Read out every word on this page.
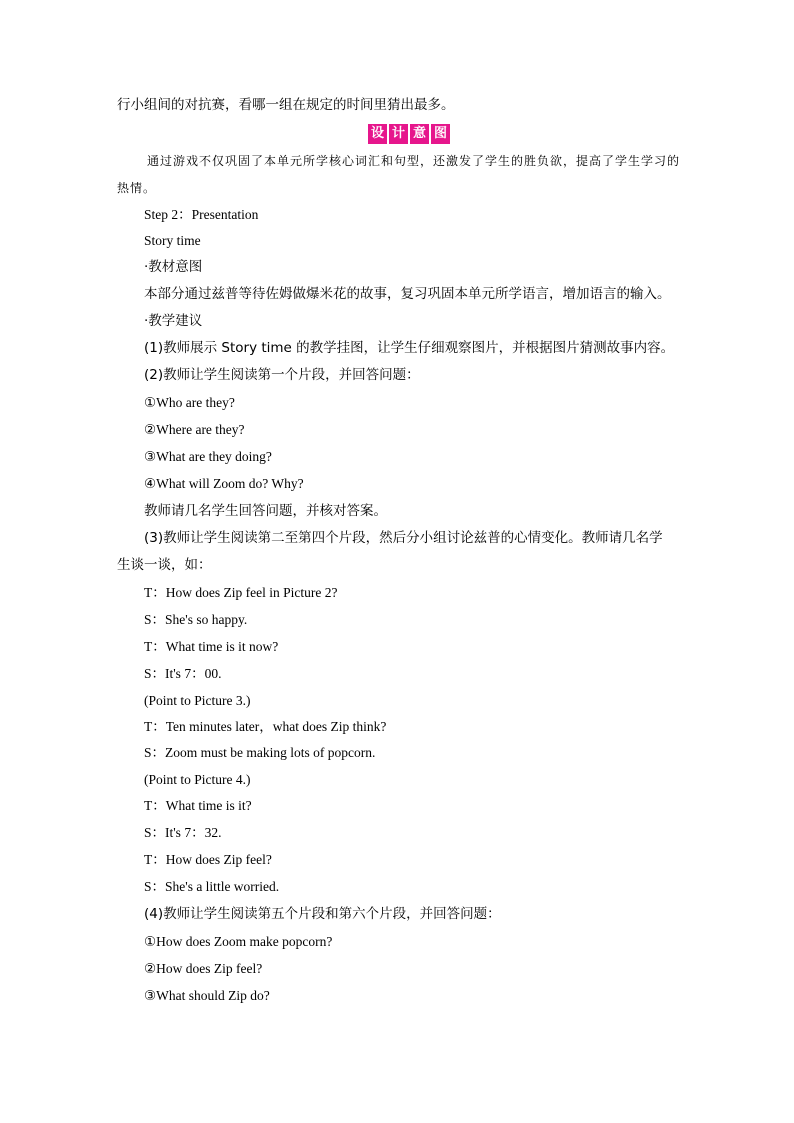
行小组间的对抗赛，看哪一组在规定的时间里猜出最多。
设 计 意 图
通过游戏不仅巩固了本单元所学核心词汇和句型，还激发了学生的胜负欲，提高了学生学习的热情。
Step 2：Presentation
Story time
·教材意图
本部分通过兹普等待佐姆做爆米花的故事，复习巩固本单元所学语言，增加语言的输入。
·教学建议
(1)教师展示 Story time 的教学挂图，让学生仔细观察图片，并根据图片猜测故事内容。
(2)教师让学生阅读第一个片段，并回答问题：
①Who are they?
②Where are they?
③What are they doing?
④What will Zoom do? Why?
教师请几名学生回答问题，并核对答案。
(3)教师让学生阅读第二至第四个片段，然后分小组讨论兹普的心情变化。教师请几名学
生谈一谈，如：
T：How does Zip feel in Picture 2?
S：She's so happy.
T：What time is it now?
S：It's 7：00.
(Point to Picture 3.)
T：Ten minutes later，what does Zip think?
S：Zoom must be making lots of popcorn.
(Point to Picture 4.)
T：What time is it?
S：It's 7：32.
T：How does Zip feel?
S：She's a little worried.
(4)教师让学生阅读第五个片段和第六个片段，并回答问题：
①How does Zoom make popcorn?
②How does Zip feel?
③What should Zip do?
